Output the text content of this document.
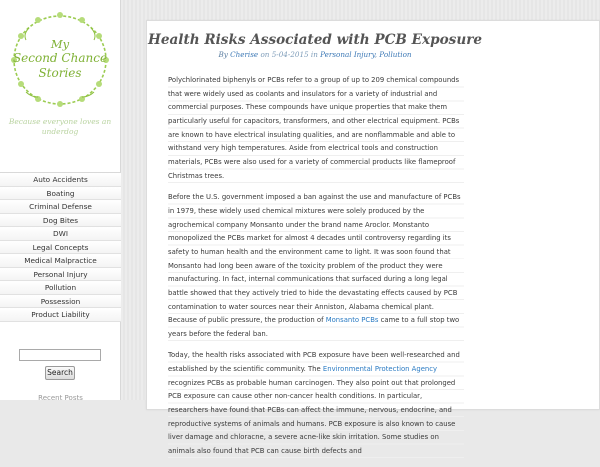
My
Second Chance
Stories
Because everyone loves an underdog
Auto Accidents
Boating
Criminal Defense
Dog Bites
DWI
Legal Concepts
Medical Malpractice
Personal Injury
Pollution
Possession
Product Liability
Search
Recent Posts
Health Risks Associated with PCB Exposure
By Cherise on 5-04-2015 in Personal Injury, Pollution

Polychlorinated biphenyls or PCBs refer to a group of up to 209 chemical compounds that were widely used as coolants and insulators for a variety of industrial and commercial purposes. These compounds have unique properties that make them particularly useful for capacitors, transformers, and other electrical equipment. PCBs are known to have electrical insulating qualities, and are nonflammable and able to withstand very high temperatures. Aside from electrical tools and construction materials, PCBs were also used for a variety of commercial products like flameproof Christmas trees.

Before the U.S. government imposed a ban against the use and manufacture of PCBs in 1979, these widely used chemical mixtures were solely produced by the agrochemical company Monsanto under the brand name Aroclor. Monstanto monopolized the PCBs market for almost 4 decades until controversy regarding its safety to human health and the environment came to light. It was soon found that Monsanto had long been aware of the toxicity problem of the product they were manufacturing. In fact, internal communications that surfaced during a long legal battle showed that they actively tried to hide the devastating effects caused by PCB contamination to water sources near their Anniston, Alabama chemical plant. Because of public pressure, the production of Monsanto PCBs came to a full stop two years before the federal ban.

Today, the health risks associated with PCB exposure have been well-researched and established by the scientific community. The Environmental Protection Agency recognizes PCBs as probable human carcinogen. They also point out that prolonged PCB exposure can cause other non-cancer health conditions. In particular, researchers have found that PCBs can affect the immune, nervous, endocrine, and reproductive systems of animals and humans. PCB exposure is also known to cause liver damage and chloracne, a severe acne-like skin irritation. Some studies on animals also found that PCB can cause birth defects and
